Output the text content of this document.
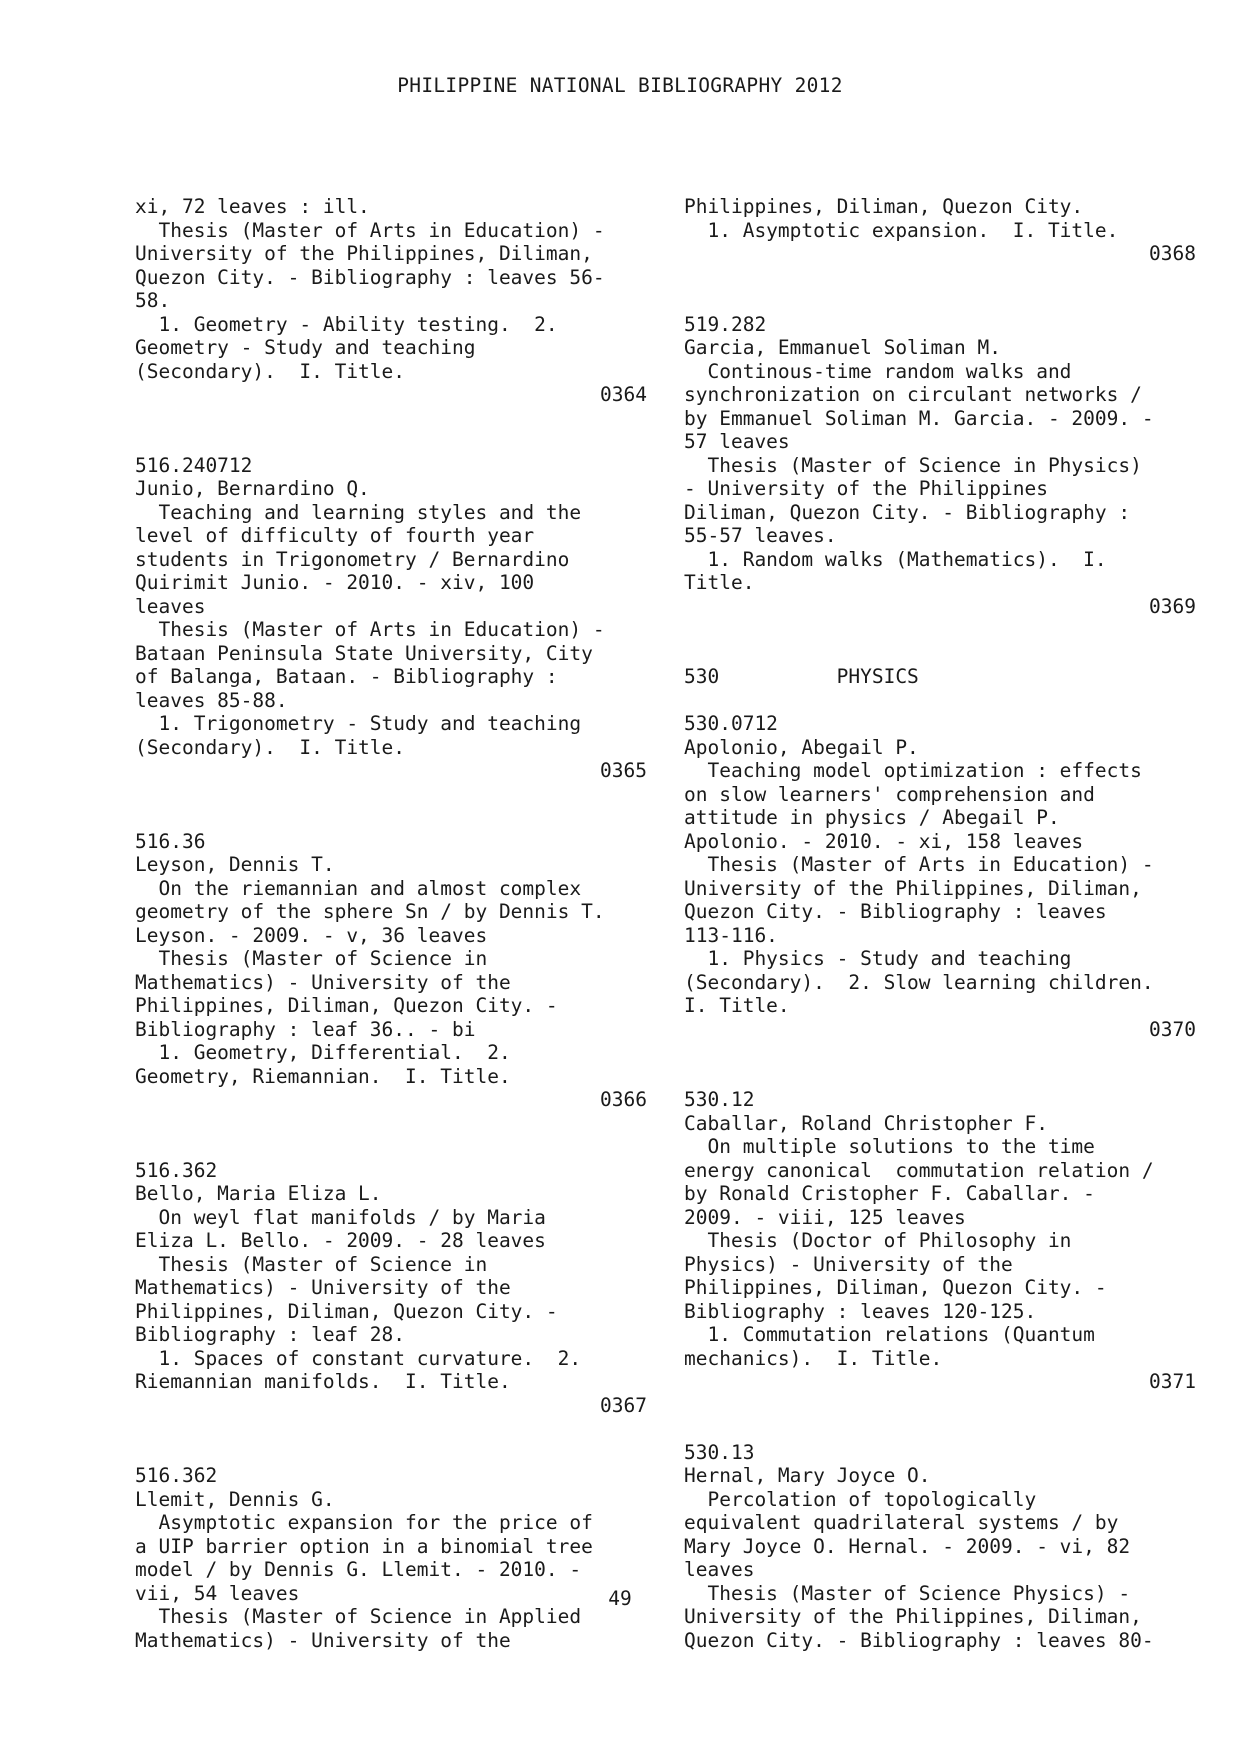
PHILIPPINE NATIONAL BIBLIOGRAPHY 2012
xi, 72 leaves : ill.
Thesis (Master of Arts in Education) -
University of the Philippines, Diliman,
Quezon City. - Bibliography : leaves 56-
58.
1. Geometry - Ability testing.  2.
Geometry - Study and teaching
(Secondary).  I. Title.
0364
516.240712
Junio, Bernardino Q.
Teaching and learning styles and the
level of difficulty of fourth year
students in Trigonometry / Bernardino
Quirimit Junio. - 2010. - xiv, 100
leaves
Thesis (Master of Arts in Education) -
Bataan Peninsula State University, City
of Balanga, Bataan. - Bibliography :
leaves 85-88.
1. Trigonometry - Study and teaching
(Secondary).  I. Title.
0365
516.36
Leyson, Dennis T.
On the riemannian and almost complex
geometry of the sphere Sn / by Dennis T.
Leyson. - 2009. - v, 36 leaves
Thesis (Master of Science in
Mathematics) - University of the
Philippines, Diliman, Quezon City. -
Bibliography : leaf 36.. - bi
1. Geometry, Differential.  2.
Geometry, Riemannian.  I. Title.
0366
516.362
Bello, Maria Eliza L.
On weyl flat manifolds / by Maria
Eliza L. Bello. - 2009. - 28 leaves
Thesis (Master of Science in
Mathematics) - University of the
Philippines, Diliman, Quezon City. -
Bibliography : leaf 28.
1. Spaces of constant curvature.  2.
Riemannian manifolds.  I. Title.
0367
516.362
Llemit, Dennis G.
Asymptotic expansion for the price of
a UIP barrier option in a binomial tree
model / by Dennis G. Llemit. - 2010. -
vii, 54 leaves
Thesis (Master of Science in Applied
Mathematics) - University of the
Philippines, Diliman, Quezon City.
1. Asymptotic expansion.  I. Title.
0368
519.282
Garcia, Emmanuel Soliman M.
Continous-time random walks and
synchronization on circulant networks /
by Emmanuel Soliman M. Garcia. - 2009. -
57 leaves
Thesis (Master of Science in Physics)
- University of the Philippines
Diliman, Quezon City. - Bibliography :
55-57 leaves.
1. Random walks (Mathematics).  I.
Title.
0369
530          PHYSICS
530.0712
Apolonio, Abegail P.
Teaching model optimization : effects
on slow learners' comprehension and
attitude in physics / Abegail P.
Apolonio. - 2010. - xi, 158 leaves
Thesis (Master of Arts in Education) -
University of the Philippines, Diliman,
Quezon City. - Bibliography : leaves
113-116.
1. Physics - Study and teaching
(Secondary).  2. Slow learning children.
I. Title.
0370
530.12
Caballar, Roland Christopher F.
On multiple solutions to the time
energy canonical  commutation relation /
by Ronald Cristopher F. Caballar. -
2009. - viii, 125 leaves
Thesis (Doctor of Philosophy in
Physics) - University of the
Philippines, Diliman, Quezon City. -
Bibliography : leaves 120-125.
1. Commutation relations (Quantum
mechanics).  I. Title.
0371
530.13
Hernal, Mary Joyce O.
Percolation of topologically
equivalent quadrilateral systems / by
Mary Joyce O. Hernal. - 2009. - vi, 82
leaves
Thesis (Master of Science Physics) -
University of the Philippines, Diliman,
Quezon City. - Bibliography : leaves 80-
49
